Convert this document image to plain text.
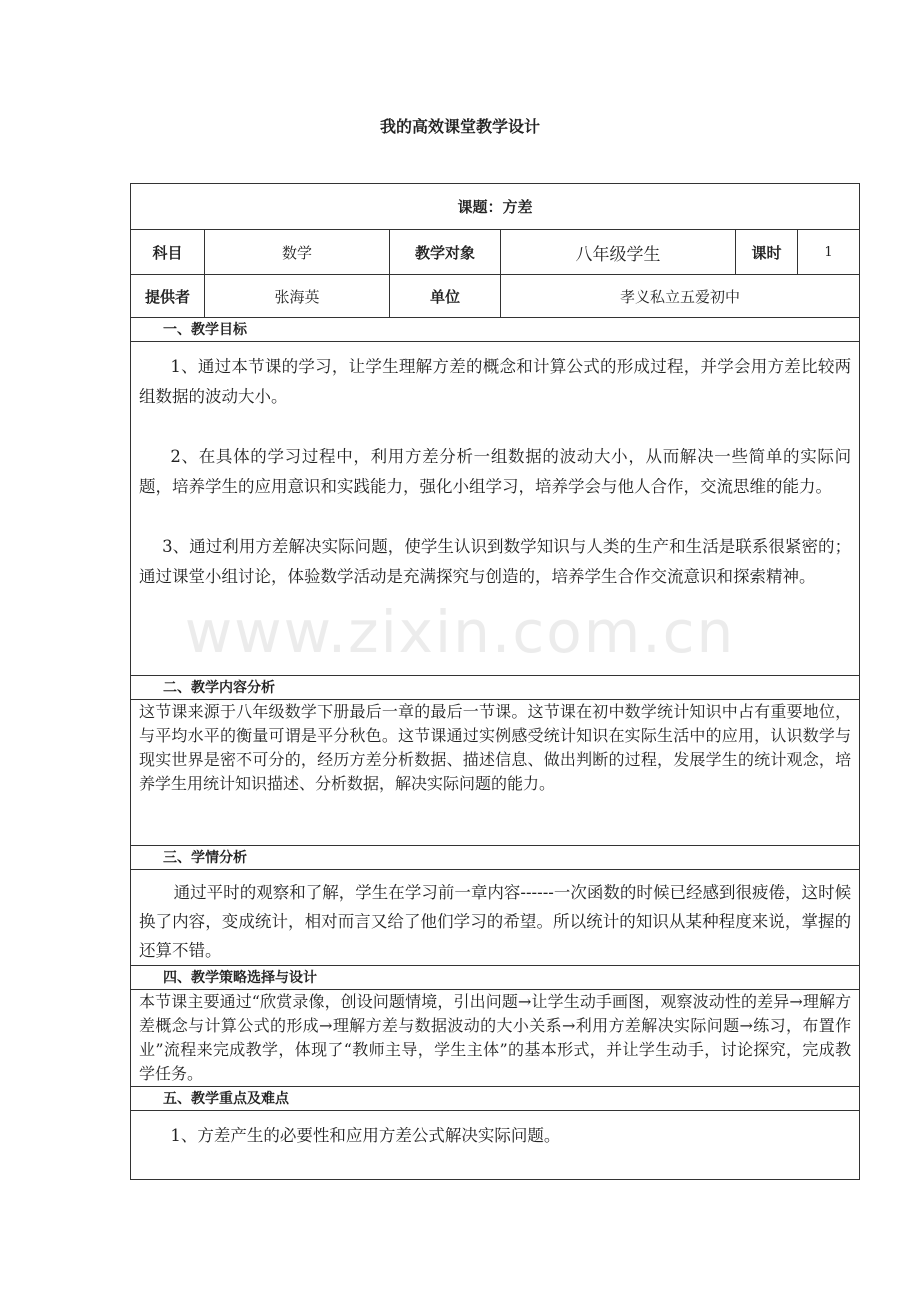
我的高效课堂教学设计
课题：方差					
科目	数学	教学对象	八年级学生	课时	1
提供者	张海英	单位	孝义私立五爱初中		
一、教学目标					

1、通过本节课的学习，让学生理解方差的概念和计算公式的形成过程，并学会用方差比较两组数据的波动大小。

2、在具体的学习过程中，利用方差分析一组数据的波动大小，从而解决一些简单的实际问题，培养学生的应用意识和实践能力，强化小组学习，培养学会与他人合作，交流思维的能力。

3、通过利用方差解决实际问题，使学生认识到数学知识与人类的生产和生活是联系很紧密的；通过课堂小组讨论，体验数学活动是充满探究与创造的，培养学生合作交流意识和探索精神。					

二、教学内容分析					

这节课来源于八年级数学下册最后一章的最后一节课。这节课在初中数学统计知识中占有重要地位，与平均水平的衡量可谓是平分秋色。这节课通过实例感受统计知识在实际生活中的应用，认识数学与现实世界是密不可分的，经历方差分析数据、描述信息、做出判断的过程，发展学生的统计观念，培养学生用统计知识描述、分析数据，解决实际问题的能力。					

三、学情分析					

通过平时的观察和了解，学生在学习前一章内容------一次函数的时候已经感到很疲倦，这时候换了内容，变成统计，相对而言又给了他们学习的希望。所以统计的知识从某种程度来说，掌握的还算不错。					

四、教学策略选择与设计					

本节课主要通过“欣赏录像，创设问题情境，引出问题→让学生动手画图，观察波动性的差异→理解方差概念与计算公式的形成→理解方差与数据波动的大小关系→利用方差解决实际问题→练习，布置作业”流程来完成教学，体现了“教师主导，学生主体”的基本形式，并让学生动手，讨论探究，完成教学任务。					

五、教学重点及难点					

1、方差产生的必要性和应用方差公式解决实际问题。					

www.zixin.com.cn
